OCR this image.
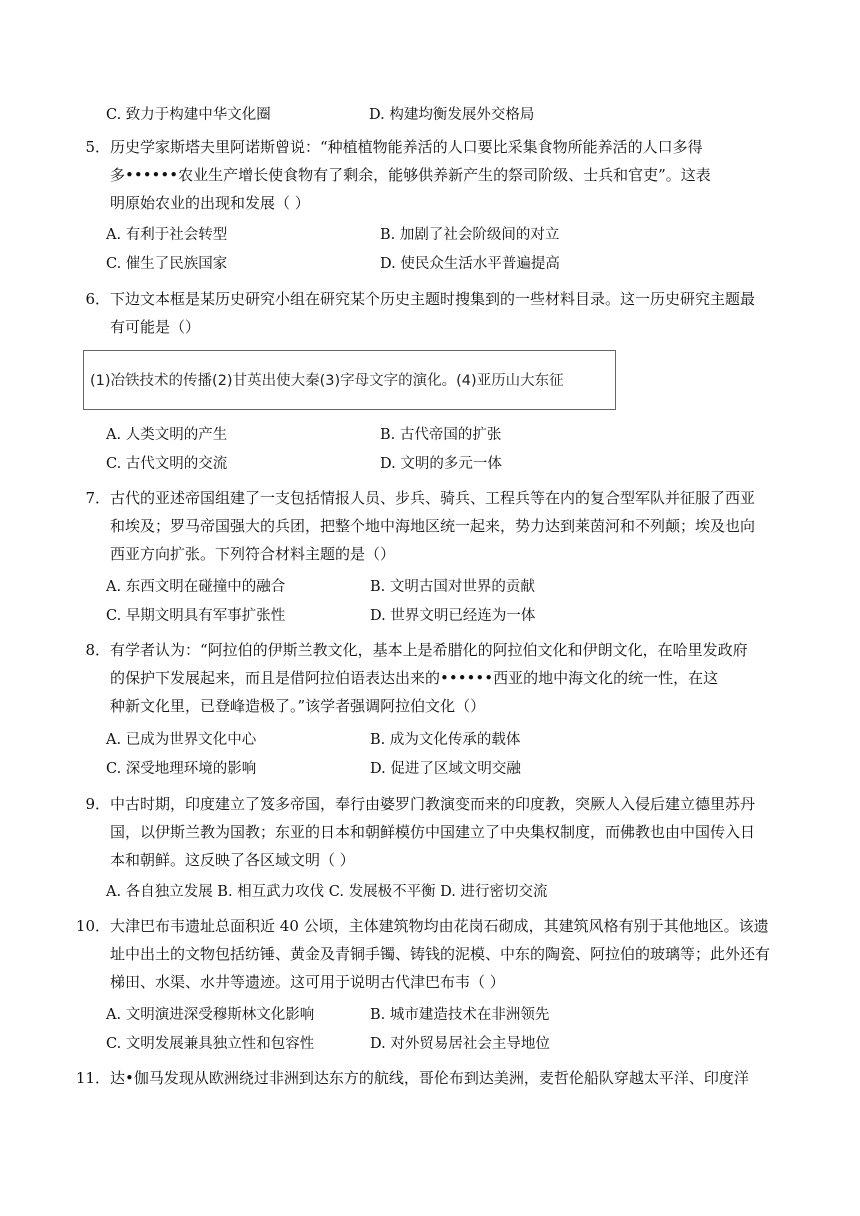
C. 致力于构建中华文化圈	D. 构建均衡发展外交格局
5． 历史学家斯塔夫里阿诺斯曾说：“种植植物能养活的人口要比采集食物所能养活的人口多得
多••••••农业生产增长使食物有了剩余，能够供养新产生的祭司阶级、士兵和官吏”。这表
明原始农业的出现和发展（ ）
A. 有利于社会转型	B. 加剧了社会阶级间的对立
C. 催生了民族国家	D. 使民众生活水平普遍提高
6． 下边文本框是某历史研究小组在研究某个历史主题时搜集到的一些材料目录。这一历史研究主题最
有可能是（）
(1)冶铁技术的传播(2)甘英出使大秦(3)字母文字的演化。(4)亚历山大东征
A. 人类文明的产生	B. 古代帝国的扩张
C. 古代文明的交流	D. 文明的多元一体
7． 古代的亚述帝国组建了一支包括情报人员、步兵、骑兵、工程兵等在内的复合型军队并征服了西亚
和埃及；罗马帝国强大的兵团，把整个地中海地区统一起来，势力达到莱茵河和不列颠；埃及也向
西亚方向扩张。下列符合材料主题的是（）
A. 东西文明在碰撞中的融合	B. 文明古国对世界的贡献
C. 早期文明具有军事扩张性	D. 世界文明已经连为一体
8． 有学者认为：“阿拉伯的伊斯兰教文化，基本上是希腊化的阿拉伯文化和伊朗文化，在哈里发政府
的保护下发展起来，而且是借阿拉伯语表达出来的••••••西亚的地中海文化的统一性，在这
种新文化里，已登峰造极了。”该学者强调阿拉伯文化（）
A. 已成为世界文化中心	B. 成为文化传承的载体
C. 深受地理环境的影响	D. 促进了区域文明交融
9． 中古时期，印度建立了笈多帝国，奉行由婆罗门教演变而来的印度教，突厥人入侵后建立德里苏丹
国，以伊斯兰教为国教；东亚的日本和朝鲜模仿中国建立了中央集权制度，而佛教也由中国传入日
本和朝鲜。这反映了各区域文明（ ）
A. 各自独立发展 B. 相互武力攻伐 C. 发展极不平衡 D. 进行密切交流
10． 大津巴布韦遗址总面积近 40 公顷，主体建筑物均由花岗石砌成，其建筑风格有别于其他地区。该遗
址中出土的文物包括纺锤、黄金及青铜手镯、铸钱的泥模、中东的陶瓷、阿拉伯的玻璃等；此外还有
梯田、水渠、水井等遗迹。这可用于说明古代津巴布韦（ ）
A. 文明演进深受穆斯林文化影响	B. 城市建造技术在非洲领先
C. 文明发展兼具独立性和包容性	D. 对外贸易居社会主导地位
11． 达•伽马发现从欧洲绕过非洲到达东方的航线，哥伦布到达美洲，麦哲伦船队穿越太平洋、印度洋
